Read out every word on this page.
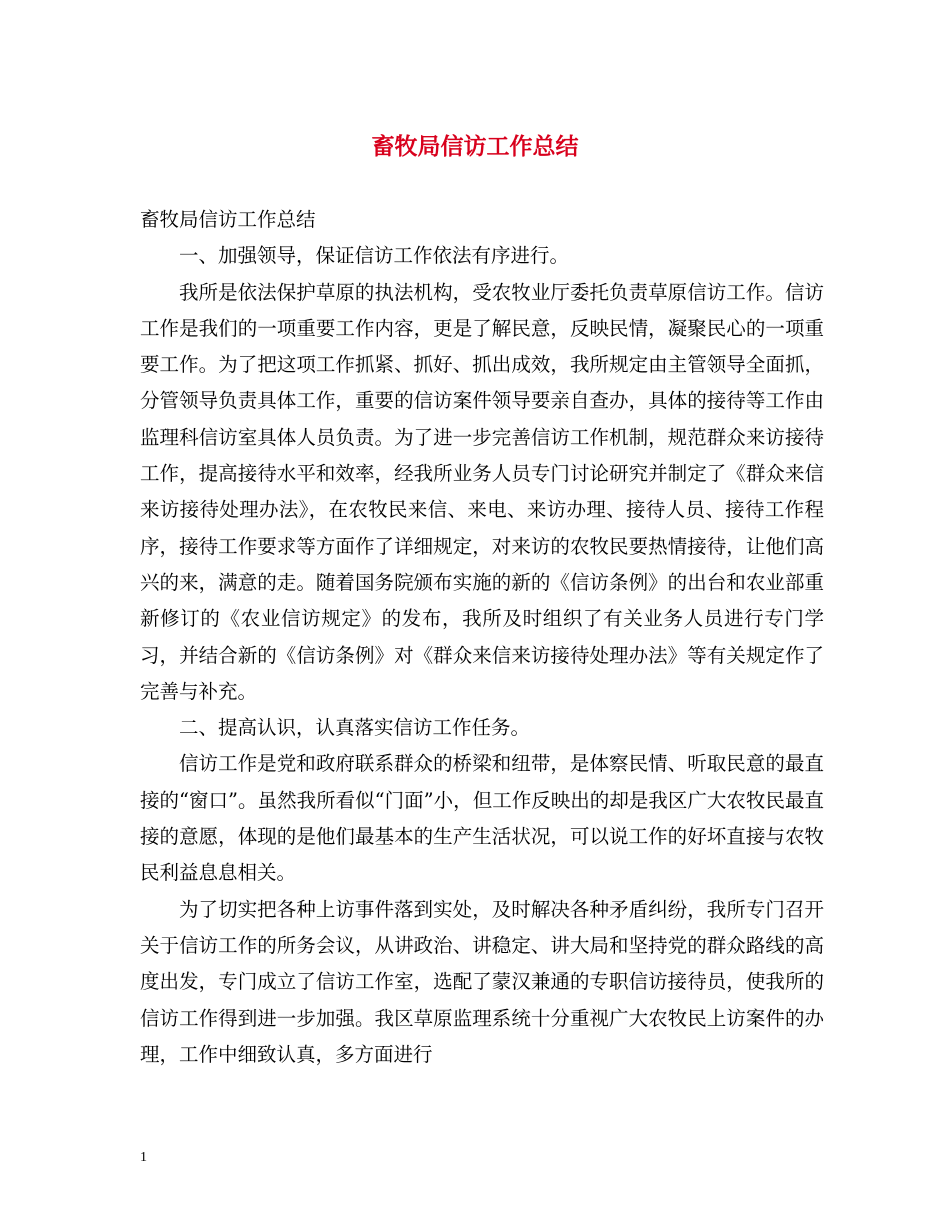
畜牧局信访工作总结

畜牧局信访工作总结

一、加强领导，保证信访工作依法有序进行。

我所是依法保护草原的执法机构，受农牧业厅委托负责草原信访工作。信访工作是我们的一项重要工作内容，更是了解民意，反映民情，凝聚民心的一项重要工作。为了把这项工作抓紧、抓好、抓出成效，我所规定由主管领导全面抓，分管领导负责具体工作，重要的信访案件领导要亲自查办，具体的接待等工作由监理科信访室具体人员负责。为了进一步完善信访工作机制，规范群众来访接待工作，提高接待水平和效率，经我所业务人员专门讨论研究并制定了《群众来信来访接待处理办法》，在农牧民来信、来电、来访办理、接待人员、接待工作程序，接待工作要求等方面作了详细规定，对来访的农牧民要热情接待，让他们高兴的来，满意的走。随着国务院颁布实施的新的《信访条例》的出台和农业部重新修订的《农业信访规定》的发布，我所及时组织了有关业务人员进行专门学习，并结合新的《信访条例》对《群众来信来访接待处理办法》等有关规定作了完善与补充。

二、提高认识，认真落实信访工作任务。

信访工作是党和政府联系群众的桥梁和纽带，是体察民情、听取民意的最直接的“窗口”。虽然我所看似“门面”小，但工作反映出的却是我区广大农牧民最直接的意愿，体现的是他们最基本的生产生活状况，可以说工作的好坏直接与农牧民利益息息相关。

为了切实把各种上访事件落到实处，及时解决各种矛盾纠纷，我所专门召开关于信访工作的所务会议，从讲政治、讲稳定、讲大局和坚持党的群众路线的高度出发，专门成立了信访工作室，选配了蒙汉兼通的专职信访接待员，使我所的信访工作得到进一步加强。我区草原监理系统十分重视广大农牧民上访案件的办理，工作中细致认真，多方面进行

1
